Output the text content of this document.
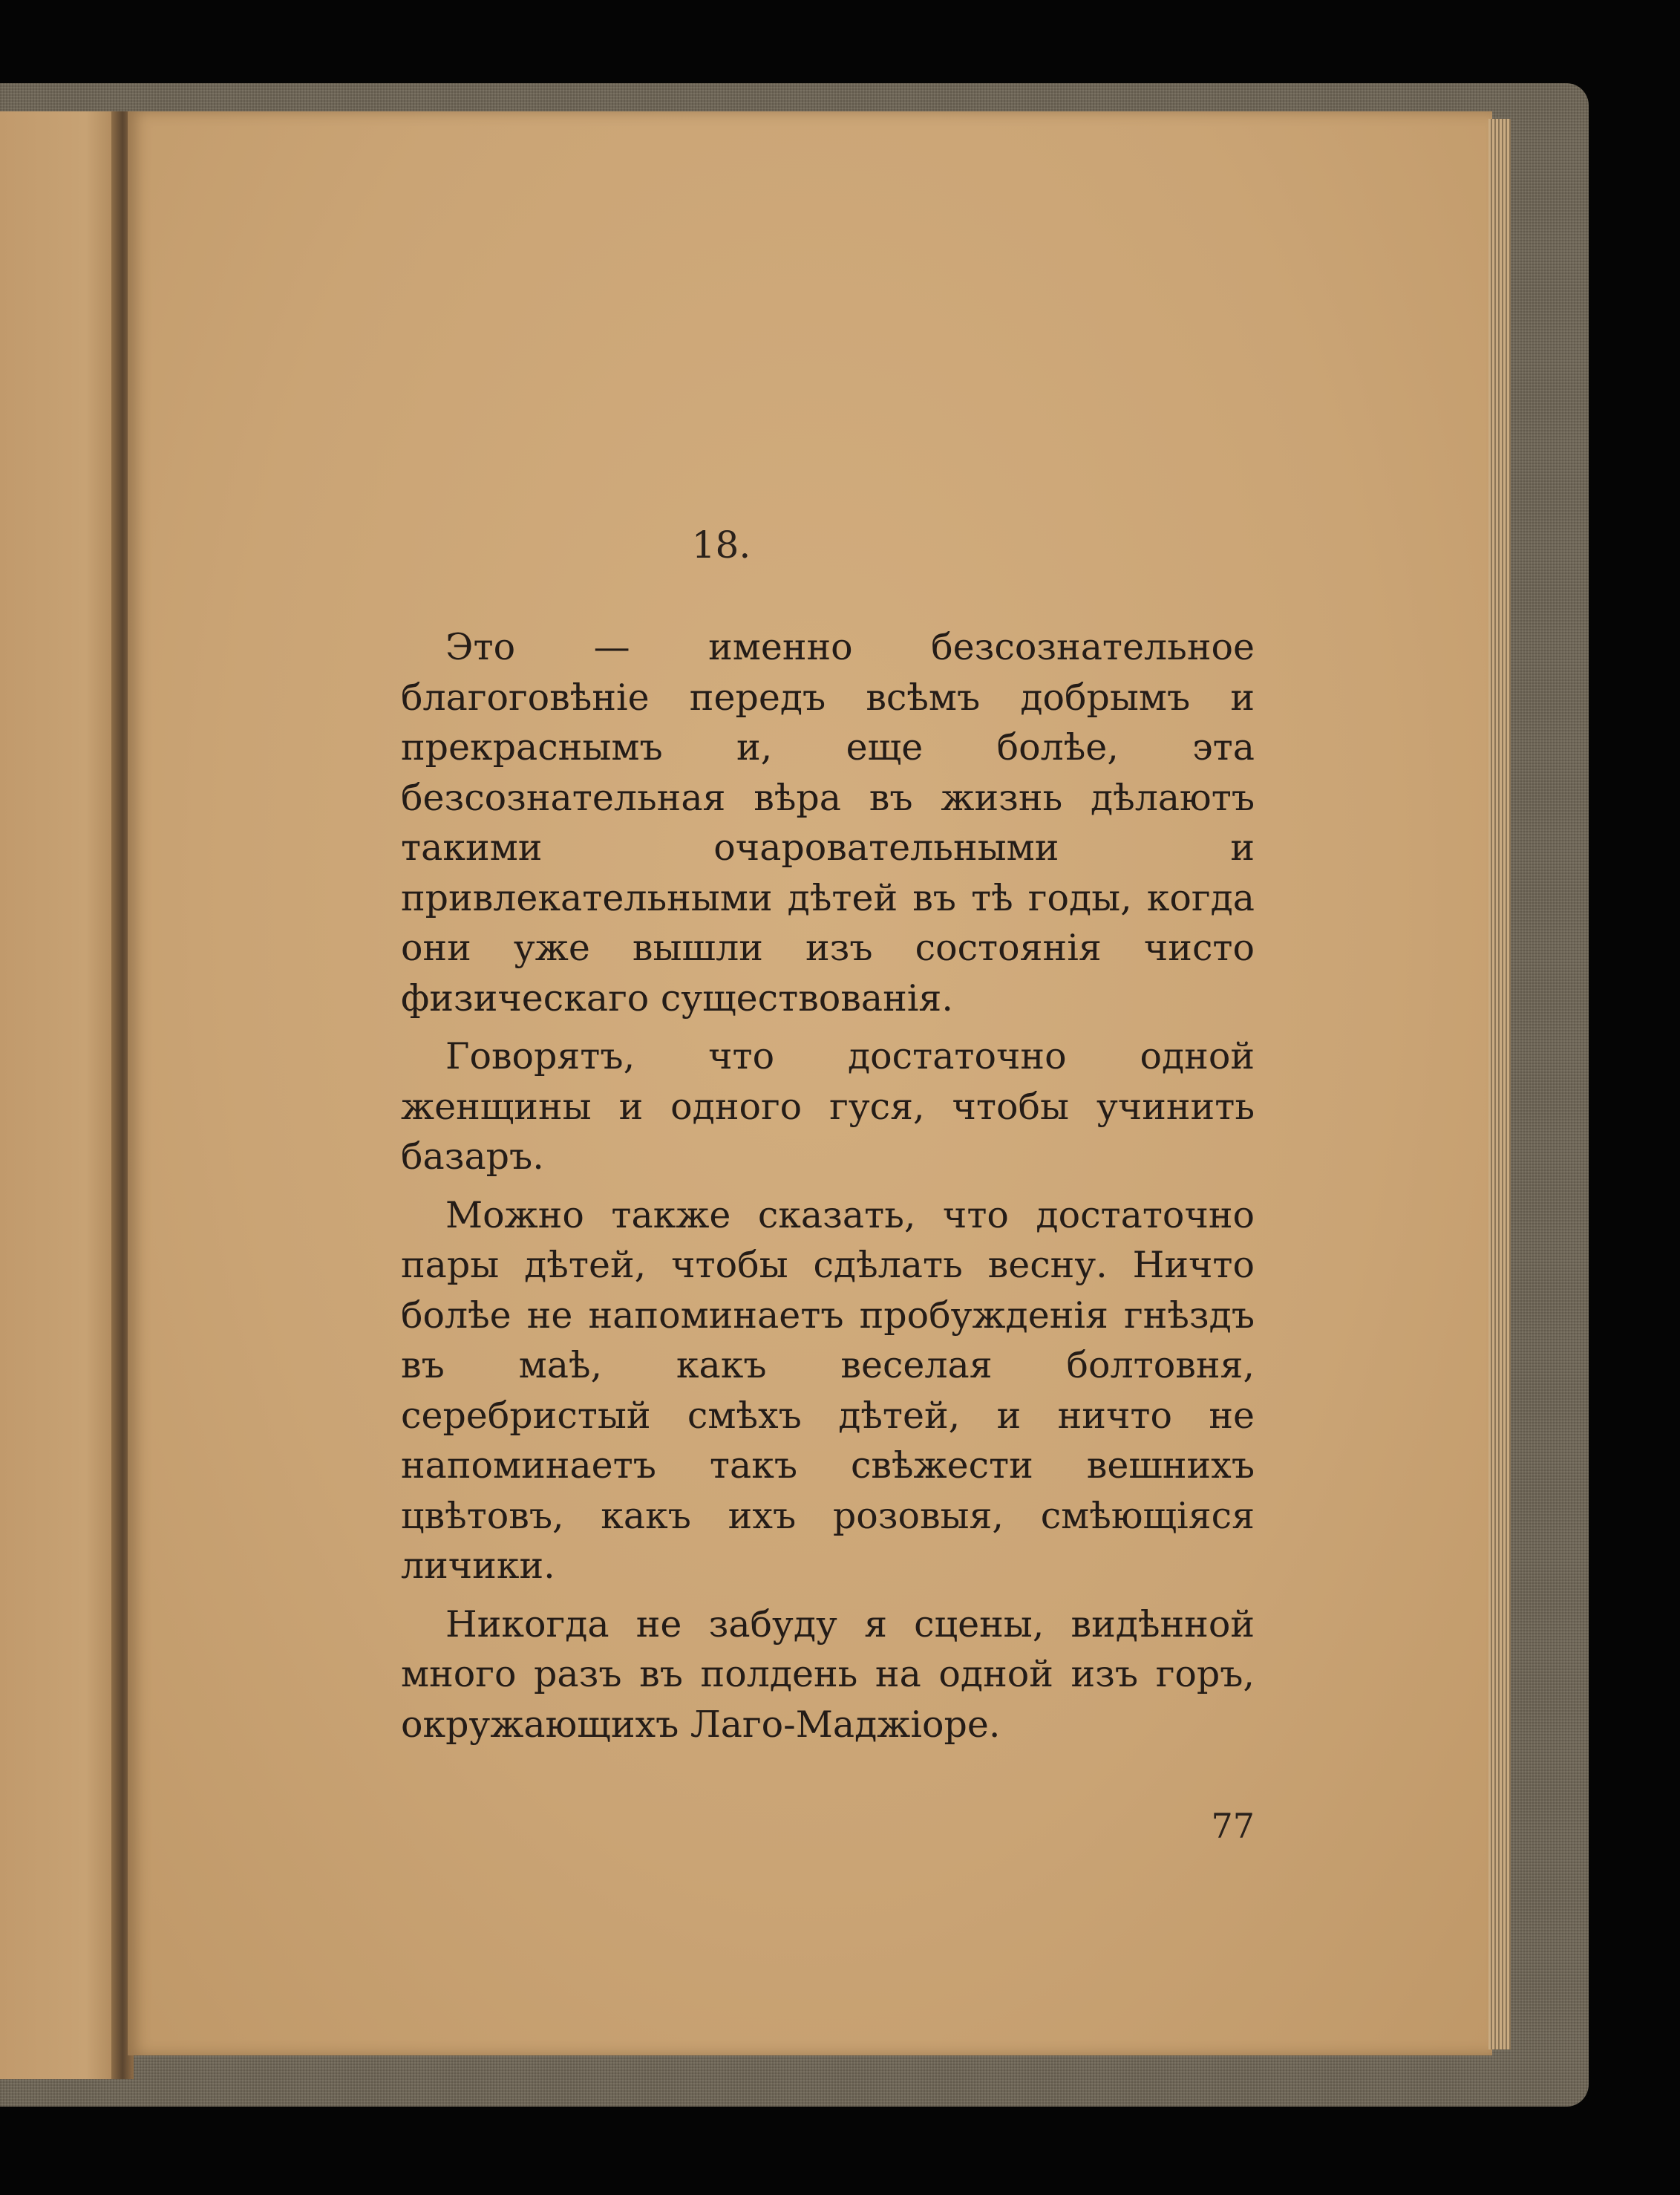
18.

Это — именно безсознательное благоговѣніе передъ всѣмъ добрымъ и прекраснымъ и, еще болѣе, эта безсознательная вѣра въ жизнь дѣлаютъ такими очаровательными и привлекательными дѣтей въ тѣ годы, когда они уже вышли изъ состоянія чисто физическаго существованія.

Говорятъ, что достаточно одной женщины и одного гуся, чтобы учинить базаръ.

Можно также сказать, что достаточно пары дѣтей, чтобы сдѣлать весну. Ничто болѣе не напоминаетъ пробужденія гнѣздъ въ маѣ, какъ веселая болтовня, серебристый смѣхъ дѣтей, и ничто не напоминаетъ такъ свѣжести вешнихъ цвѣтовъ, какъ ихъ розовыя, смѣющіяся личики.

Никогда не забуду я сцены, видѣнной много разъ въ полдень на одной изъ горъ, окружающихъ Лаго-Маджіоре.

77
